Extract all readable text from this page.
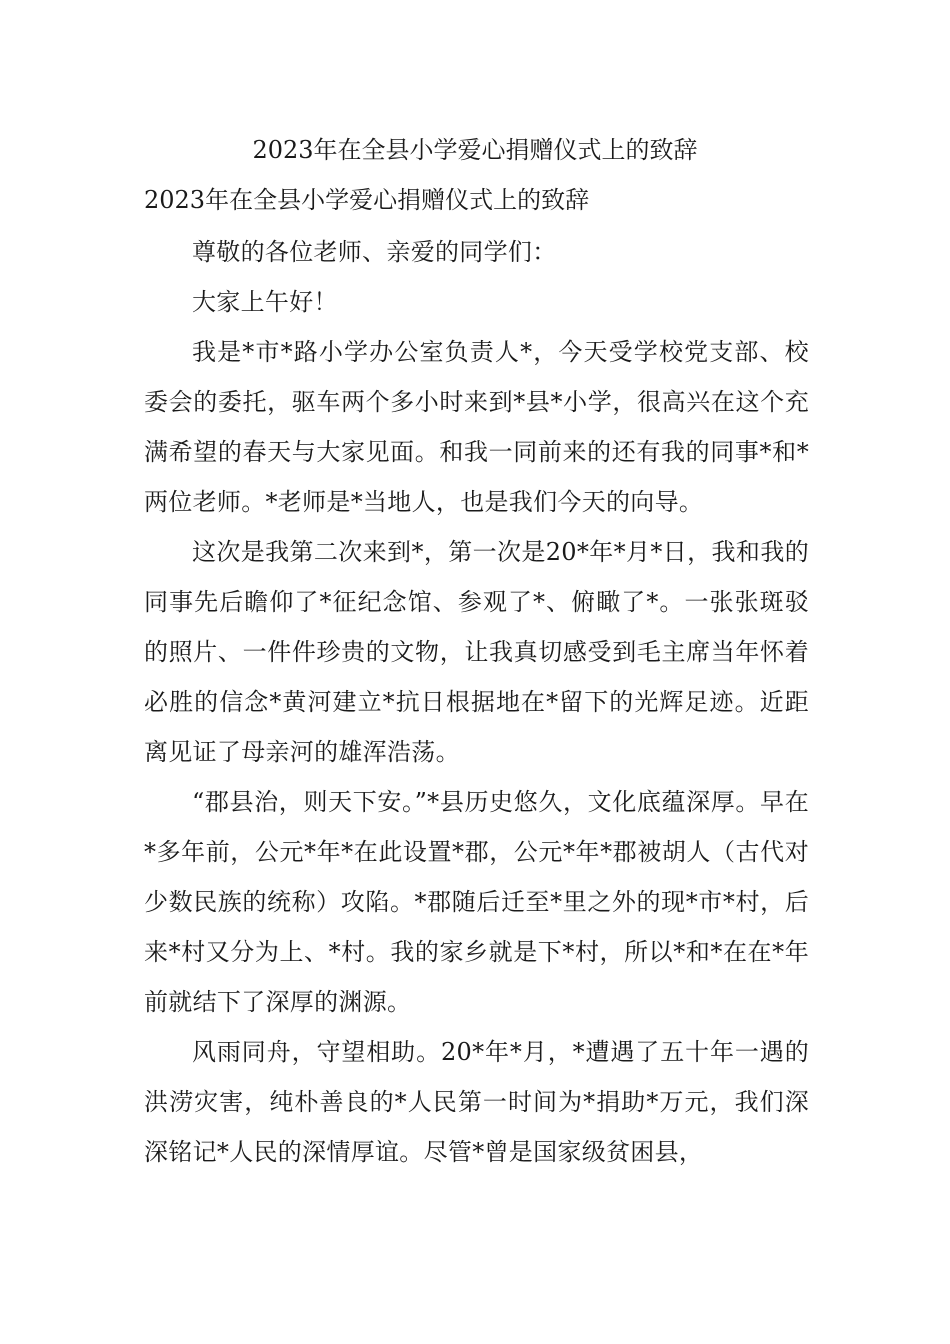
2023年在全县小学爱心捐赠仪式上的致辞
2023年在全县小学爱心捐赠仪式上的致辞

尊敬的各位老师、亲爱的同学们：

大家上午好！

我是*市*路小学办公室负责人*，今天受学校党支部、校委会的委托，驱车两个多小时来到*县*小学，很高兴在这个充满希望的春天与大家见面。和我一同前来的还有我的同事*和*两位老师。*老师是*当地人，也是我们今天的向导。

这次是我第二次来到*，第一次是20*年*月*日，我和我的同事先后瞻仰了*征纪念馆、参观了*、俯瞰了*。一张张斑驳的照片、一件件珍贵的文物，让我真切感受到毛主席当年怀着必胜的信念*黄河建立*抗日根据地在*留下的光辉足迹。近距离见证了母亲河的雄浑浩荡。

“郡县治，则天下安。”*县历史悠久，文化底蕴深厚。早在*多年前，公元*年*在此设置*郡，公元*年*郡被胡人（古代对少数民族的统称）攻陷。*郡随后迁至*里之外的现*市*村，后来*村又分为上、*村。我的家乡就是下*村，所以*和*在在*年前就结下了深厚的渊源。

风雨同舟，守望相助。20*年*月，*遭遇了五十年一遇的洪涝灾害，纯朴善良的*人民第一时间为*捐助*万元，我们深深铭记*人民的深情厚谊。尽管*曾是国家级贫困县，
